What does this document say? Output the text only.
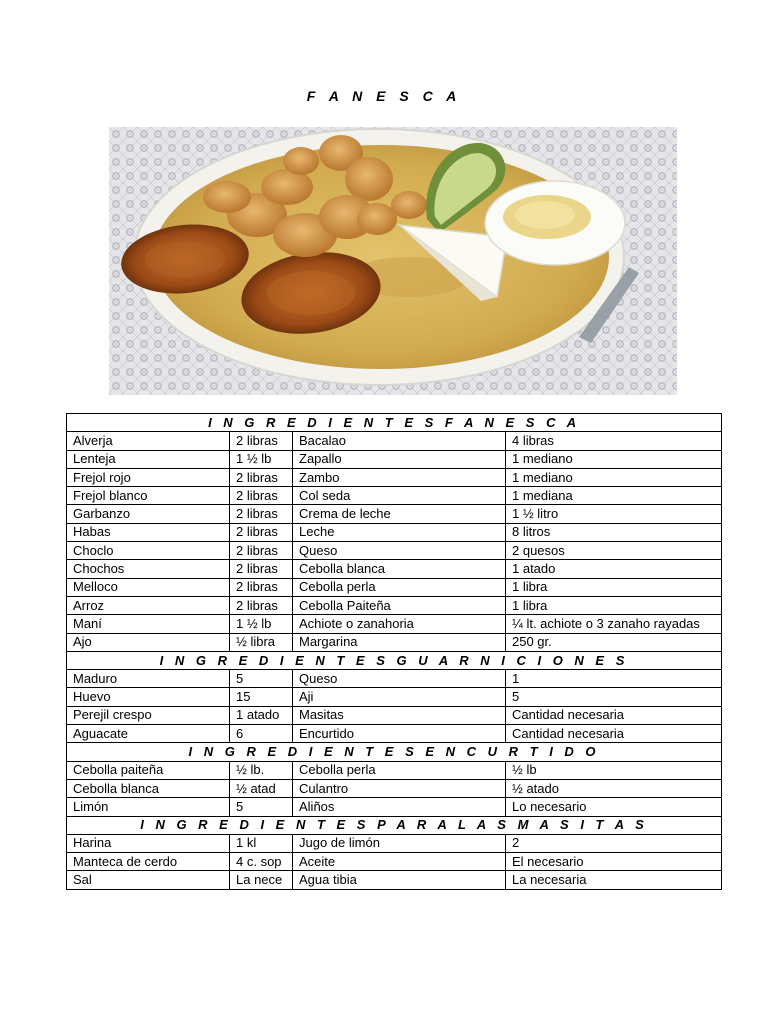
F A N E S C A
I N G R E D I E N T E S F A N E S C A			
Alverja	2 libras	Bacalao	4 libras
Lenteja	1 ½ lb	Zapallo	1 mediano
Frejol rojo	2 libras	Zambo	1 mediano
Frejol blanco	2 libras	Col seda	1 mediana
Garbanzo	2 libras	Crema de leche	1 ½ litro
Habas	2 libras	Leche	8 litros
Choclo	2 libras	Queso	2 quesos
Chochos	2 libras	Cebolla blanca	1 atado
Melloco	2 libras	Cebolla perla	1 libra
Arroz	2 libras	Cebolla Paiteña	1 libra
Maní	1 ½ lb	Achiote o zanahoria	¼ lt. achiote o 3 zanaho rayadas
Ajo	½ libra	Margarina	250 gr.
I N G R E D I E N T E S G U A R N I C I O N E S			
Maduro	5	Queso	1
Huevo	15	Aji	5
Perejil crespo	1 atado	Masitas	Cantidad necesaria
Aguacate	6	Encurtido	Cantidad necesaria
I N G R E D I E N T E S E N C U R T I D O			
Cebolla paiteña	½ lb.	Cebolla perla	½ lb
Cebolla blanca	½ atad	Culantro	½ atado
Limón	5	Aliños	Lo necesario
I N G R E D I E N T E S P A R A L A S M A S I T A S			
Harina	1 kl	Jugo de limón	2
Manteca de cerdo	4 c. sop	Aceite	El necesario
Sal	La nece	Agua tibia	La necesaria
